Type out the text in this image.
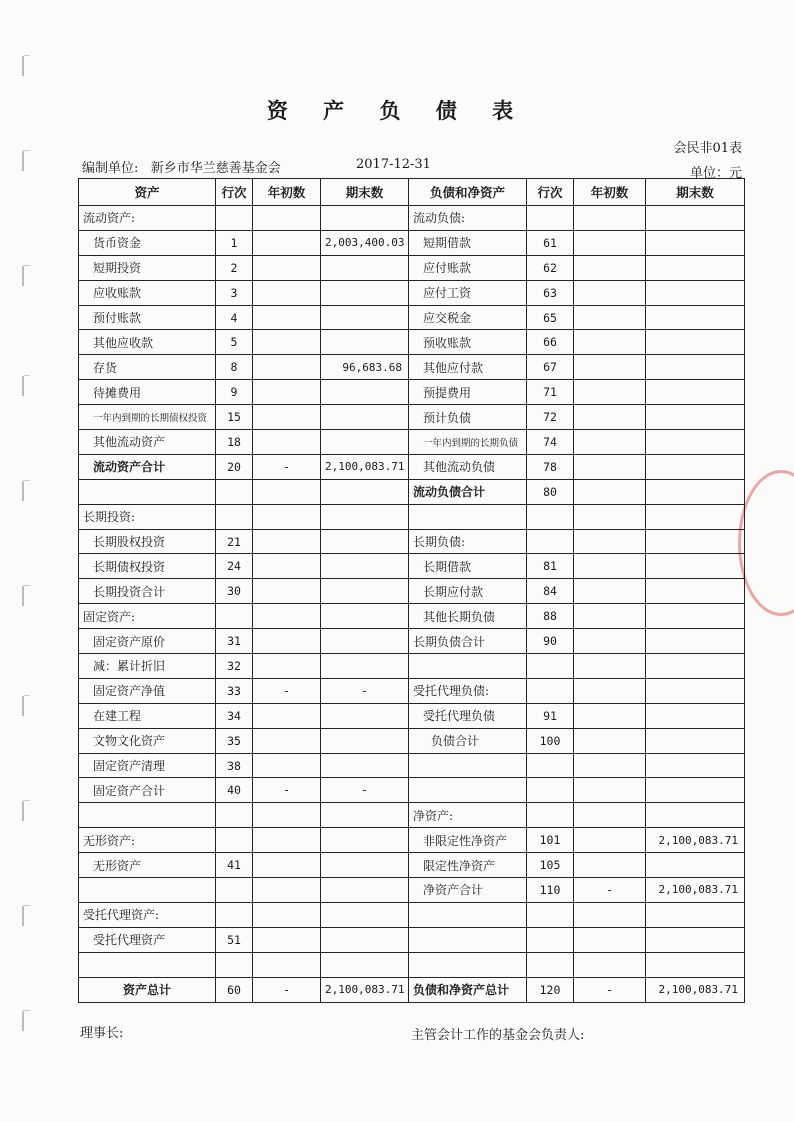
资 产 负 债 表
会民非01表
编制单位: 新乡市华兰慈善基金会	2017-12-31
单位：元
资产	行次	年初数	期末数	负债和净资产	行次	年初数	期末数
流动资产:				流动负债:			
货币资金	1		2,003,400.03	短期借款	61		
短期投资	2			应付账款	62		
应收账款	3			应付工资	63		
预付账款	4			应交税金	65		
其他应收款	5			预收账款	66		
存货	8		96,683.68	其他应付款	67		
待摊费用	9			预提费用	71		
一年内到期的长期债权投资	15			预计负债	72		
其他流动资产	18			一年内到期的长期负债	74		
流动资产合计	20	-	2,100,083.71	其他流动负债	78		
				流动负债合计	80		
长期投资:							
长期股权投资	21			长期负债:			
长期债权投资	24			长期借款	81		
长期投资合计	30			长期应付款	84		
固定资产:				其他长期负债	88		
固定资产原价	31			长期负债合计	90		
减：累计折旧	32						
固定资产净值	33	-	-	受托代理负债:			
在建工程	34			受托代理负债	91		
文物文化资产	35			负债合计	100		
固定资产清理	38						
固定资产合计	40	-	-				
				净资产:			
无形资产:				非限定性净资产	101		2,100,083.71
无形资产	41			限定性净资产	105		
				净资产合计	110	-	2,100,083.71
受托代理资产:							
受托代理资产	51						

资产总计	60	-	2,100,083.71	负债和净资产总计	120	-	2,100,083.71
理事长:	主管会计工作的基金会负责人:
